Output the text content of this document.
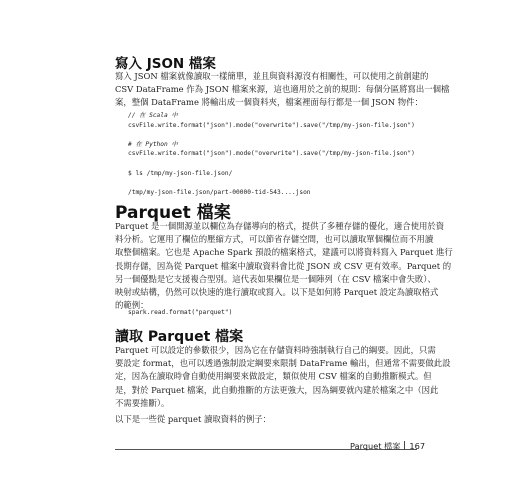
寫入 JSON 檔案

寫入 JSON 檔案就像讀取一樣簡單，並且與資料源沒有相關性，可以使用之前創建的
CSV DataFrame 作為 JSON 檔案來源，這也適用於之前的規則：每個分區將寫出一個檔
案，整個 DataFrame 將輸出成一個資料夾，檔案裡面每行都是一個 JSON 物件：

// 在 Scala 中
csvFile.write.format("json").mode("overwrite").save("/tmp/my-json-file.json")

# 在 Python 中
csvFile.write.format("json").mode("overwrite").save("/tmp/my-json-file.json")

$ ls /tmp/my-json-file.json/

/tmp/my-json-file.json/part-00000-tid-543....json
Parquet 檔案

Parquet 是一個開源並以欄位為存儲導向的格式，提供了多種存儲的優化，適合使用於資
料分析。它運用了欄位的壓縮方式，可以節省存儲空間，也可以讀取單個欄位而不用讀
取整個檔案。它也是 Apache Spark 預設的檔案格式，建議可以將資料寫入 Parquet 進行
長期存儲，因為從 Parquet 檔案中讀取資料會比從 JSON 或 CSV 更有效率。Parquet 的
另一個優點是它支援複合型別。這代表如果欄位是一個陣列（在 CSV 檔案中會失敗）、
映射或結構，仍然可以快速的進行讀取或寫入。以下是如何將 Parquet 設定為讀取格式
的範例：

spark.read.format("parquet")
讀取 Parquet 檔案

Parquet 可以設定的參數很少，因為它在存儲資料時強制執行自己的綱要。因此，只需
要設定 format，也可以透過強制設定綱要來限制 DataFrame 輸出，但通常不需要做此設
定，因為在讀取時會自動使用綱要來做設定，類似使用 CSV 檔案的自動推斷模式。但
是，對於 Parquet 檔案，此自動推斷的方法更強大，因為綱要就內建於檔案之中（因此
不需要推斷）。

以下是一些從 parquet 讀取資料的例子：

Parquet 檔案 167
